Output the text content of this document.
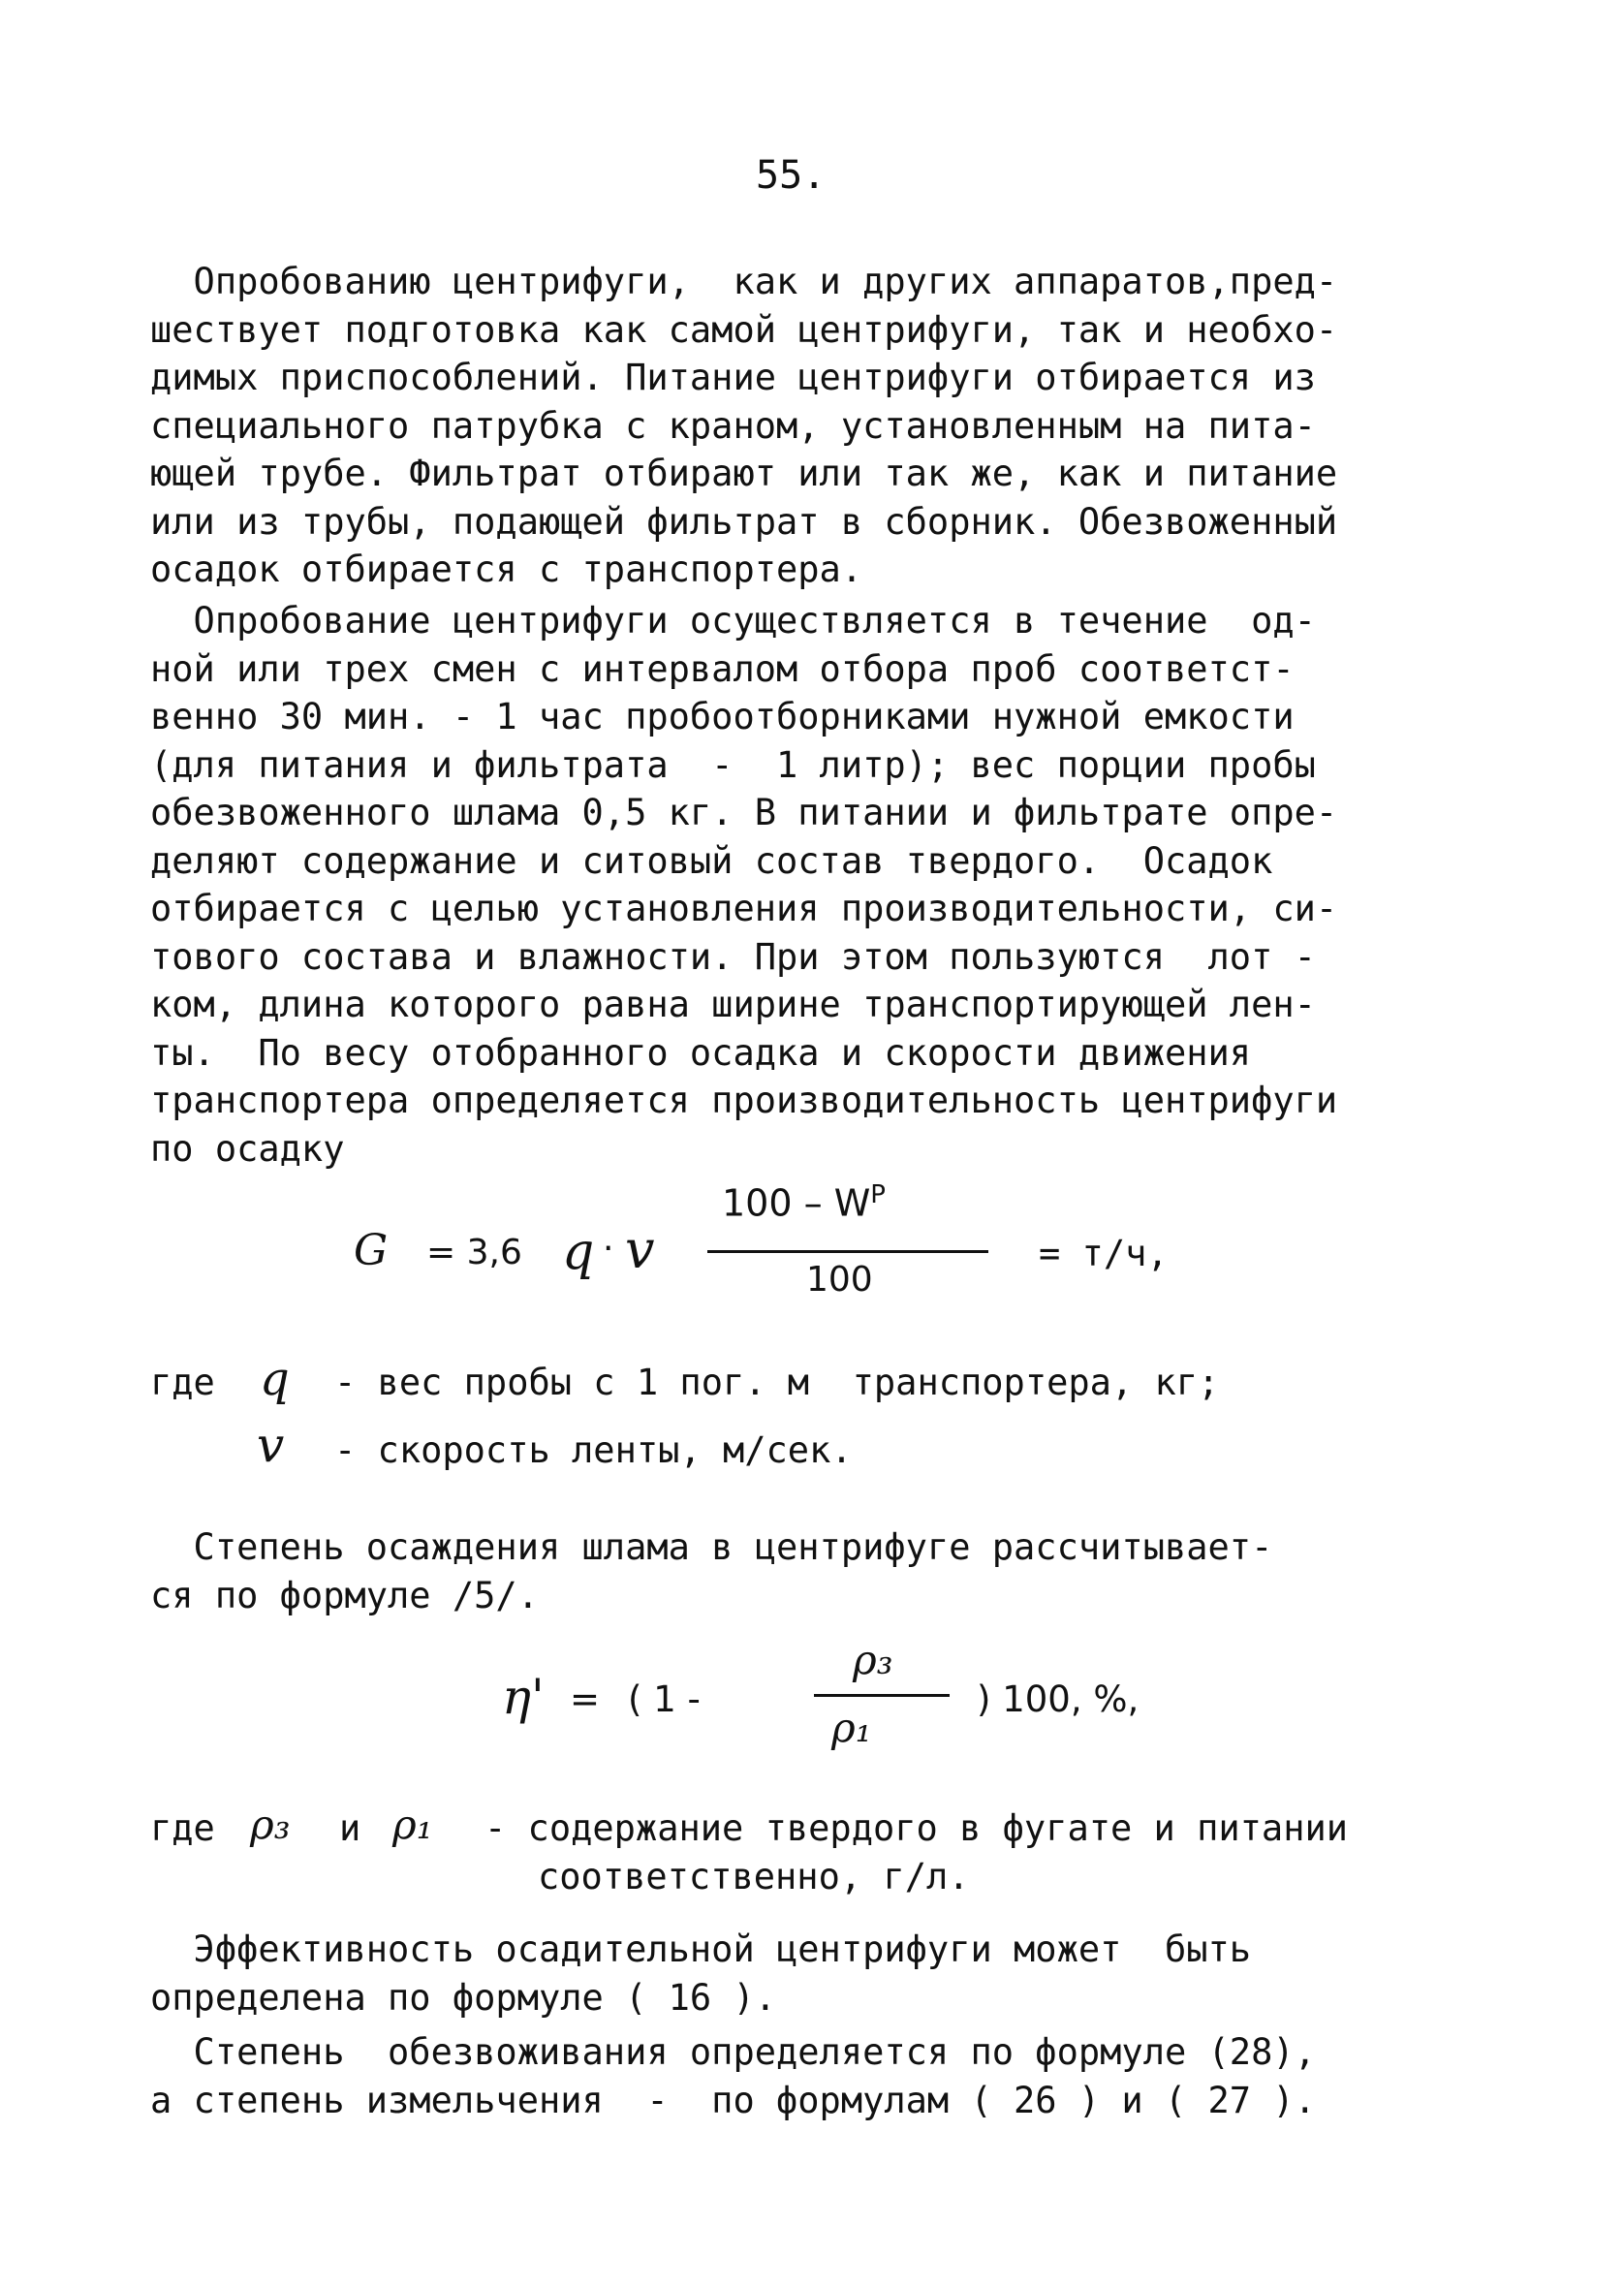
55.
Опробованию центрифуги,  как и других аппаратов,пред-
шествует подготовка как самой центрифуги, так и необхо-
димых приспособлений. Питание центрифуги отбирается из
специального патрубка с краном, установленным на пита-
ющей трубе. Фильтрат отбирают или так же, как и питание
или из трубы, подающей фильтрат в сборник. Обезвоженный
осадок отбирается с транспортера.
Опробование центрифуги осуществляется в течение  од-
ной или трех смен с интервалом отбора проб соответст-
венно 30 мин. - 1 час пробоотборниками нужной емкости
(для питания и фильтрата  -  1 литр); вес порции пробы
обезвоженного шлама 0,5 кг. В питании и фильтрате опре-
деляют содержание и ситовый состав твердого.  Осадок
отбирается с целью установления производительности, си-
тового состава и влажности. При этом пользуются  лот -
ком, длина которого равна ширине транспортирующей лен-
ты.  По весу отобранного осадка и скорости движения
транспортера определяется производительность центрифуги
по осадку
G = 3,6 q · v
$100 - W^P$
100
= т/ч,
где q - вес пробы с 1 пог. м  транспортера, кг;
v - скорость ленты, м/сек.
Степень осаждения шлама в центрифуге рассчитывает-
ся по формуле /5/.
η' = ( 1 -
ρ₃
ρ₁
) 100, %,
где ρ₃ и ρ₁ - содержание твердого в фугате и питании
соответственно, г/л.
Эффективность осадительной центрифуги может  быть
определена по формуле ( 16 ).
Степень  обезвоживания определяется по формуле (28),
а степень измельчения  -  по формулам ( 26 ) и ( 27 ).
